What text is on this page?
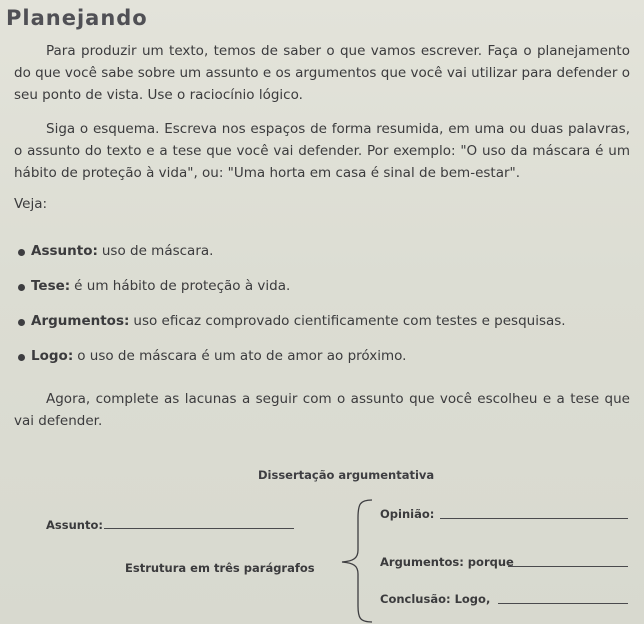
Planejando

Para produzir um texto, temos de saber o que vamos escrever. Faça o planejamento do que você sabe sobre um assunto e os argumentos que você vai utilizar para defender o seu ponto de vista. Use o raciocínio lógico.

Siga o esquema. Escreva nos espaços de forma resumida, em uma ou duas palavras, o assunto do texto e a tese que você vai defender. Por exemplo: "O uso da máscara é um hábito de proteção à vida", ou: "Uma horta em casa é sinal de bem-estar".

Veja:
Assunto: uso de máscara.
Tese: é um hábito de proteção à vida.
Argumentos: uso eficaz comprovado cientificamente com testes e pesquisas.
Logo: o uso de máscara é um ato de amor ao próximo.

Agora, complete as lacunas a seguir com o assunto que você escolheu e a tese que vai defender.

Dissertação argumentativa
Assunto:
Estrutura em três parágrafos
Opinião:
Argumentos: porque
Conclusão: Logo,
